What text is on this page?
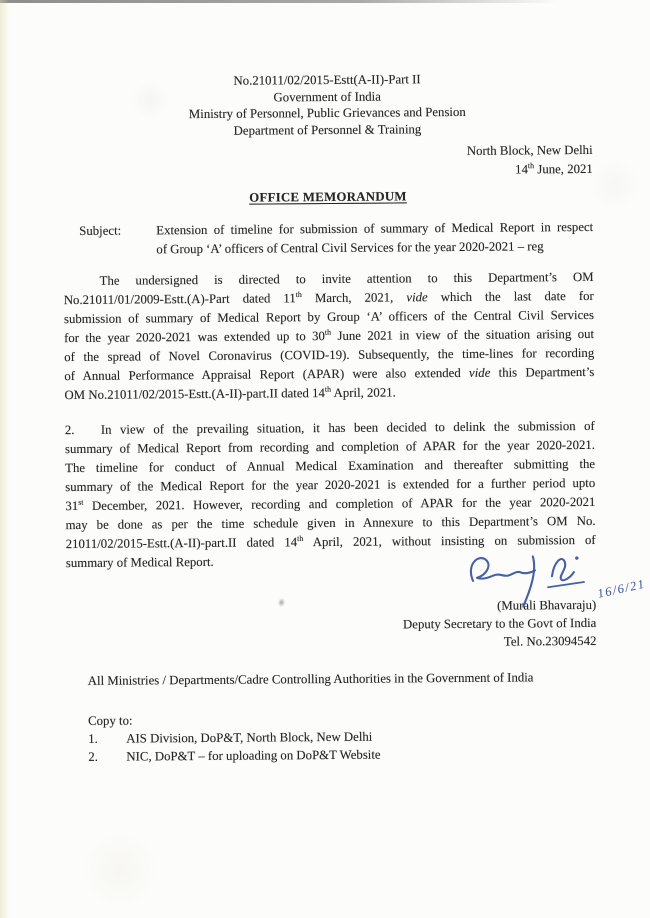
No.21011/02/2015-Estt(A-II)-Part II
Government of India
Ministry of Personnel, Public Grievances and Pension
Department of Personnel & Training
North Block, New Delhi
14th June, 2021
OFFICE MEMORANDUM
Subject:	Extension of timeline for submission of summary of Medical Report in respect
of Group ‘A’ officers of Central Civil Services for the year 2020-2021 – reg
The undersigned is directed to invite attention to this Department’s OM
No.21011/01/2009-Estt.(A)-Part dated 11th March, 2021, vide which the last date for
submission of summary of Medical Report by Group ‘A’ officers of the Central Civil Services
for the year 2020-2021 was extended up to 30th June 2021 in view of the situation arising out
of the spread of Novel Coronavirus (COVID-19). Subsequently, the time-lines for recording
of Annual Performance Appraisal Report (APAR) were also extended vide this Department’s
OM No.21011/02/2015-Estt.(A-II)-part.II dated 14th April, 2021.
2. In view of the prevailing situation, it has been decided to delink the submission of
summary of Medical Report from recording and completion of APAR for the year 2020-2021.
The timeline for conduct of Annual Medical Examination and thereafter submitting the
summary of the Medical Report for the year 2020-2021 is extended for a further period upto
31st December, 2021. However, recording and completion of APAR for the year 2020-2021
may be done as per the time schedule given in Annexure to this Department’s OM No.
21011/02/2015-Estt.(A-II)-part.II dated 14th April, 2021, without insisting on submission of
summary of Medical Report.
16/6/21
(Murali Bhavaraju)
Deputy Secretary to the Govt of India
Tel. No.23094542
All Ministries / Departments/Cadre Controlling Authorities in the Government of India
Copy to:
1. AIS Division, DoP&T, North Block, New Delhi
2. NIC, DoP&T – for uploading on DoP&T Website
